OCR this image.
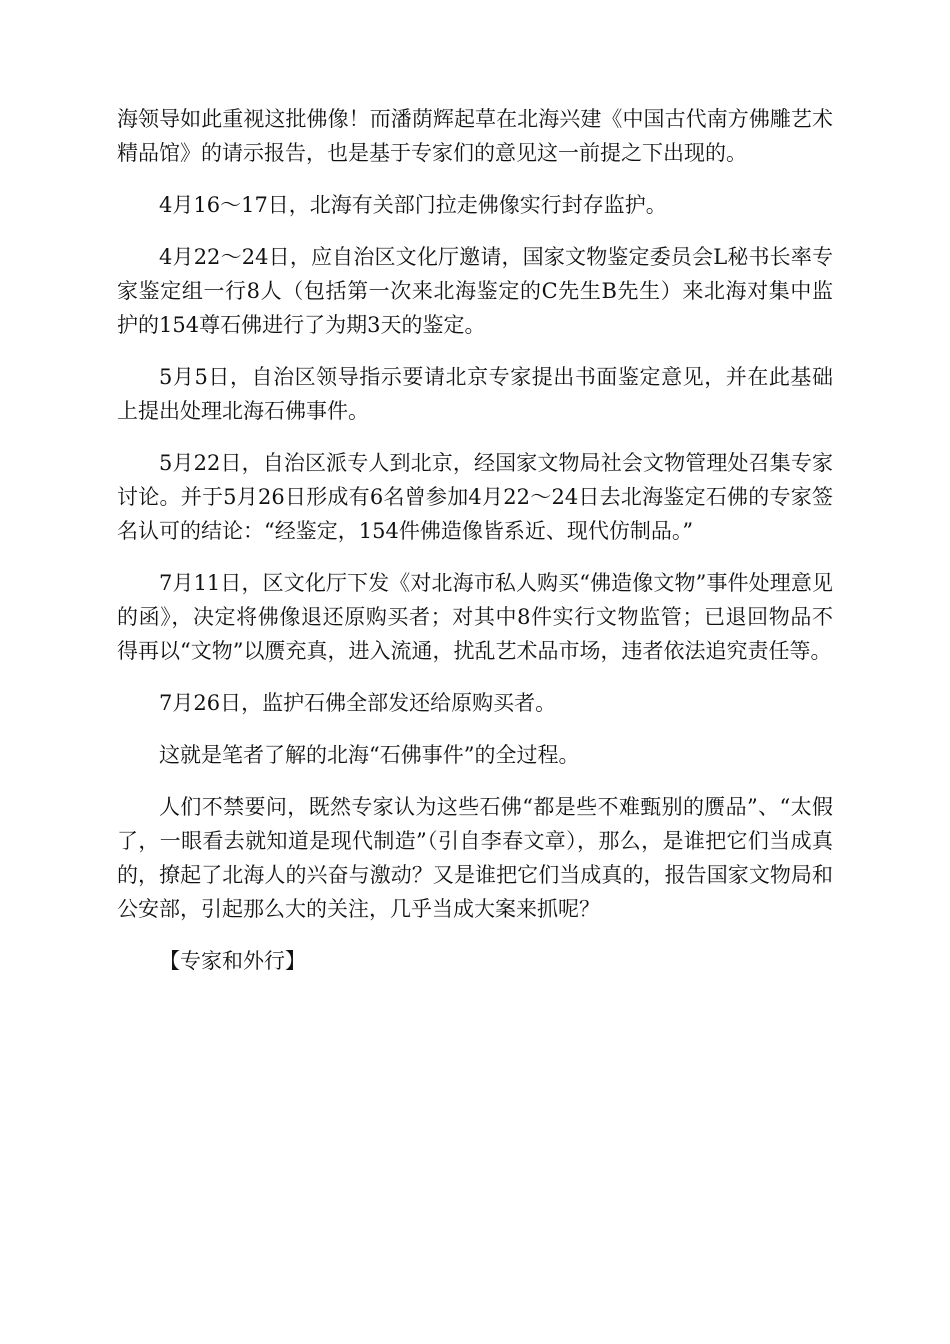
海领导如此重视这批佛像！而潘荫辉起草在北海兴建《中国古代南方佛雕艺术精品馆》的请示报告，也是基于专家们的意见这一前提之下出现的。

4月16～17日，北海有关部门拉走佛像实行封存监护。

4月22～24日，应自治区文化厅邀请，国家文物鉴定委员会L秘书长率专家鉴定组一行8人（包括第一次来北海鉴定的C先生B先生）来北海对集中监护的154尊石佛进行了为期3天的鉴定。

5月5日，自治区领导指示要请北京专家提出书面鉴定意见，并在此基础上提出处理北海石佛事件。

5月22日，自治区派专人到北京，经国家文物局社会文物管理处召集专家讨论。并于5月26日形成有6名曾参加4月22～24日去北海鉴定石佛的专家签名认可的结论：“经鉴定，154件佛造像皆系近、现代仿制品。”

7月11日，区文化厅下发《对北海市私人购买“佛造像文物”事件处理意见的函》，决定将佛像退还原购买者；对其中8件实行文物监管；已退回物品不得再以“文物”以赝充真，进入流通，扰乱艺术品市场，违者依法追究责任等。

7月26日，监护石佛全部发还给原购买者。

这就是笔者了解的北海“石佛事件”的全过程。

人们不禁要问，既然专家认为这些石佛“都是些不难甄别的赝品”、“太假了，一眼看去就知道是现代制造”（引自李春文章），那么，是谁把它们当成真的，撩起了北海人的兴奋与激动？又是谁把它们当成真的，报告国家文物局和公安部，引起那么大的关注，几乎当成大案来抓呢？

【专家和外行】
